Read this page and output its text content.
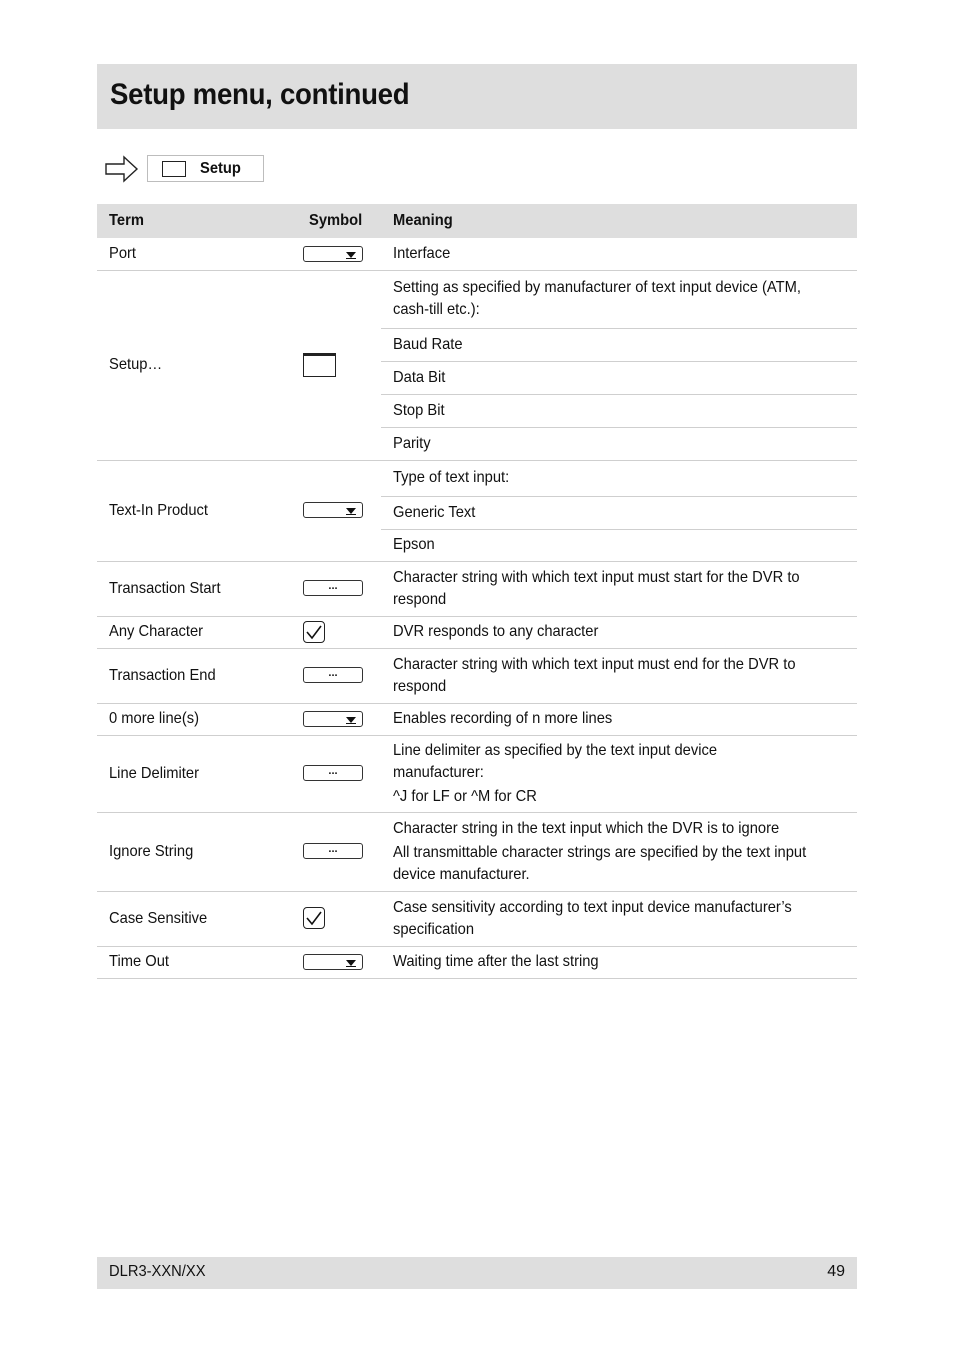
Setup menu, continued
Setup
Term	Symbol	Meaning
Port		Interface
Setup…		Setting as specified by manufacturer of text input device (ATM, cash-till etc.):
		Baud Rate
		Data Bit
		Stop Bit
		Parity
Text-In Product		Type of text input:
		Generic Text
		Epson
Transaction Start	...	Character string with which text input must start for the DVR to respond
Any Character		DVR responds to any character
Transaction End	...	Character string with which text input must end for the DVR to respond
0 more line(s)		Enables recording of n more lines
Line Delimiter	...	Line delimiter as specified by the text input device manufacturer:
^J for LF or ^M for CR

Ignore String	...	Character string in the text input which the DVR is to ignore
All transmittable character strings are specified by the text input device manufacturer.

Case Sensitive		Case sensitivity according to text input device manufacturer’s specification
Time Out		Waiting time after the last string
DLR3-XXN/XX	49
